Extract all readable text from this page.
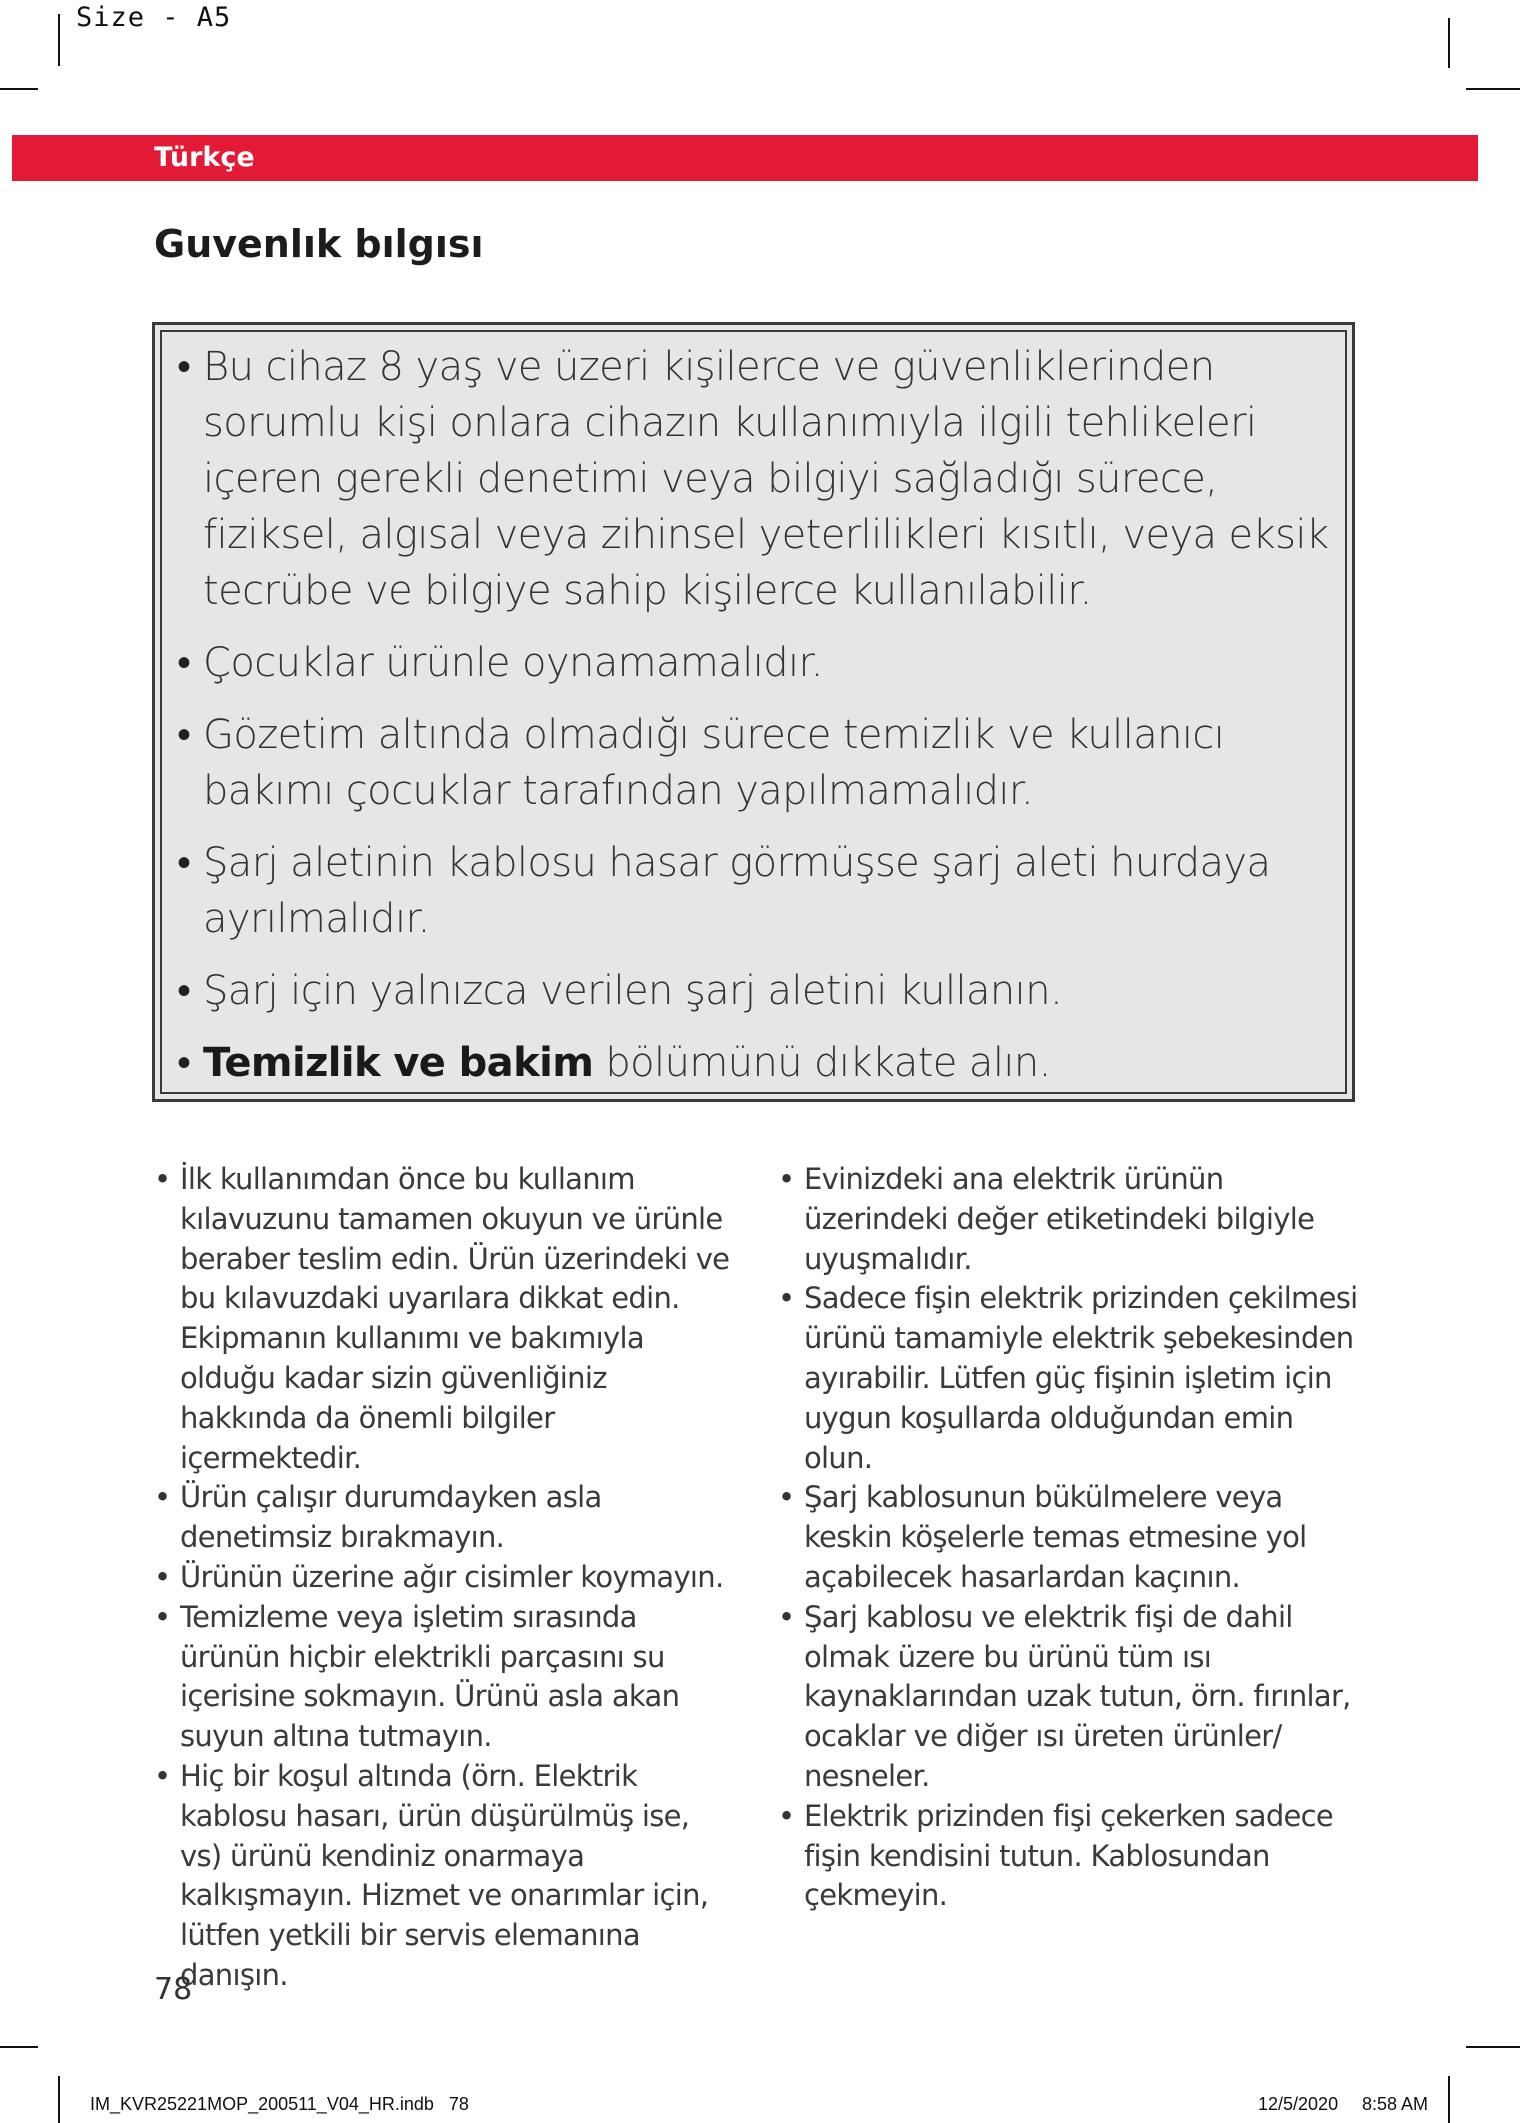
Size - A5
Türkçe
Guvenlık bılgısı
• Bu cihaz 8 yaş ve üzeri kişilerce ve güvenliklerinden sorumlu kişi onlara cihazın kullanımıyla ilgili tehlikeleri içeren gerekli denetimi veya bilgiyi sağladığı sürece, fiziksel, algısal veya zihinsel yeterlilikleri kısıtlı, veya eksik tecrübe ve bilgiye sahip kişilerce kullanılabilir.
• Çocuklar ürünle oynamamalıdır.
• Gözetim altında olmadığı sürece temizlik ve kullanıcı bakımı çocuklar tarafından yapılmamalıdır.
• Şarj aletinin kablosu hasar görmüşse şarj aleti hurdaya ayrılmalıdır.
• Şarj için yalnızca verilen şarj aletini kullanın.
• Temizlik ve bakim bölümünü dıkkate alın.
• İlk kullanımdan önce bu kullanım kılavuzunu tamamen okuyun ve ürünle beraber teslim edin. Ürün üzerindeki ve bu kılavuzdaki uyarılara dikkat edin. Ekipmanın kullanımı ve bakımıyla olduğu kadar sizin güvenliğiniz hakkında da önemli bilgiler içermektedir.
• Ürün çalışır durumdayken asla denetimsiz bırakmayın.
• Ürünün üzerine ağır cisimler koymayın.
• Temizleme veya işletim sırasında ürünün hiçbir elektrikli parçasını su içerisine sokmayın. Ürünü asla akan suyun altına tutmayın.
• Hiç bir koşul altında (örn. Elektrik kablosu hasarı, ürün düşürülmüş ise, vs) ürünü kendiniz onarmaya kalkışmayın. Hizmet ve onarımlar için, lütfen yetkili bir servis elemanına danışın.
• Evinizdeki ana elektrik ürünün üzerindeki değer etiketindeki bilgiyle uyuşmalıdır.
• Sadece fişin elektrik prizinden çekilmesi ürünü tamamiyle elektrik şebekesinden ayırabilir. Lütfen güç fişinin işletim için uygun koşullarda olduğundan emin olun.
• Şarj kablosunun bükülmelere veya keskin köşelerle temas etmesine yol açabilecek hasarlardan kaçının.
• Şarj kablosu ve elektrik fişi de dahil olmak üzere bu ürünü tüm ısı kaynaklarından uzak tutun, örn. fırınlar, ocaklar ve diğer ısı üreten ürünler/ nesneler.
• Elektrik prizinden fişi çekerken sadece fişin kendisini tutun. Kablosundan çekmeyin.
78
IM_KVR25221MOP_200511_V04_HR.indb   78	12/5/2020 8:58 AM
